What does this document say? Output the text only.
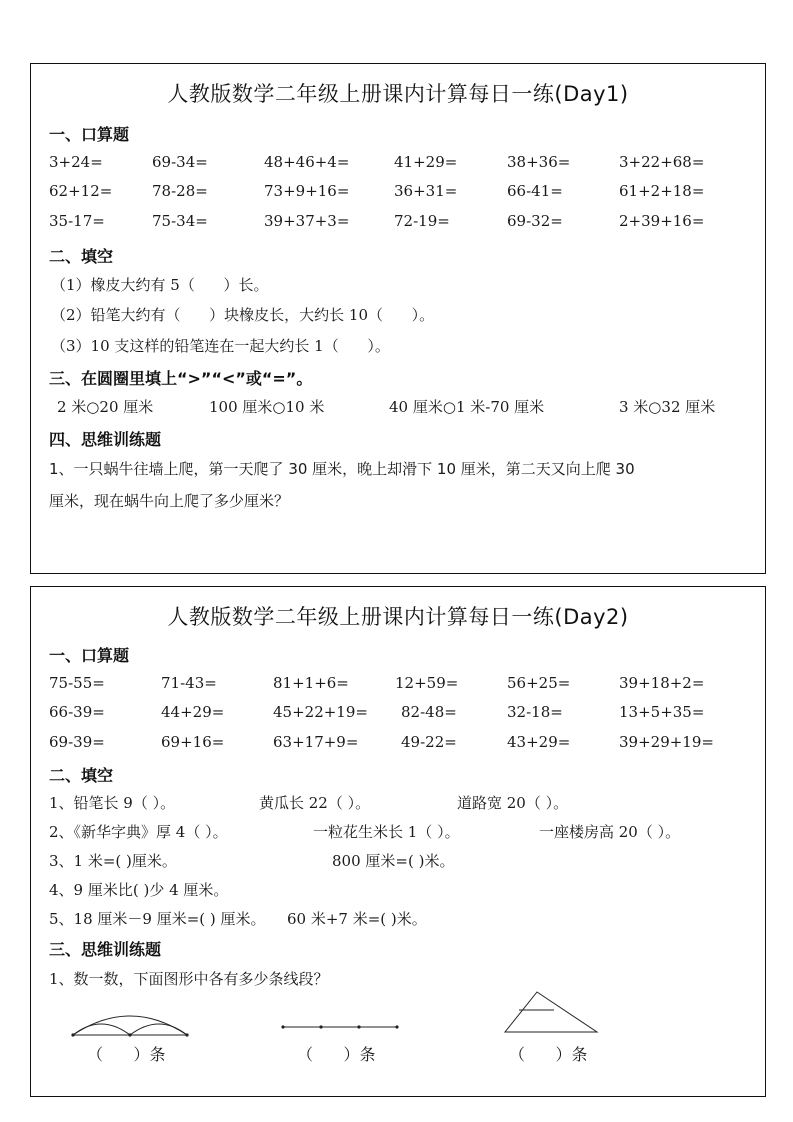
人教版数学二年级上册课内计算每日一练(Day1)
一、口算题
3+24=	69-34=	48+46+4=	41+29=	38+36=	3+22+68=
62+12=	78-28=	73+9+16=	36+31=	66-41=	61+2+18=
35-17=	75-34=	39+37+3=	72-19=	69-32=	2+39+16=
二、填空
（1）橡皮大约有 5（      ）长。
（2）铅笔大约有（      ）块橡皮长，大约长 10（      ）。
（3）10 支这样的铅笔连在一起大约长 1（      ）。
三、在圆圈里填上“>”“<”或“=”。
2 米○20 厘米	100 厘米○10 米	40 厘米○1 米-70 厘米	3 米○32 厘米
四、思维训练题
1、一只蜗牛往墙上爬，第一天爬了 30 厘米，晚上却滑下 10 厘米，第二天又向上爬 30
厘米，现在蜗牛向上爬了多少厘米？
人教版数学二年级上册课内计算每日一练(Day2)
一、口算题
75-55=	71-43=	81+1+6=	12+59=	56+25=	39+18+2=
66-39=	44+29=	45+22+19= 82-48=	32-18=	13+5+35=
69-39=	69+16=	63+17+9=	49-22=	43+29=	39+29+19=
二、填空
1、铅笔长 9（ ）。	黄瓜长 22（ ）。	道路宽 20（ ）。
2、《新华字典》厚 4（ ）。	一粒花生米长 1（ ）。	一座楼房高 20（ ）。
3、1 米=( )厘米。	800 厘米=( )米。
4、9 厘米比( )少 4 厘米。
5、18 厘米－9 厘米=( ) 厘米。 60 米+7 米=( )米。
三、思维训练题
1、数一数，下面图形中各有多少条线段？
（      ）条	（      ）条	（      ）条
